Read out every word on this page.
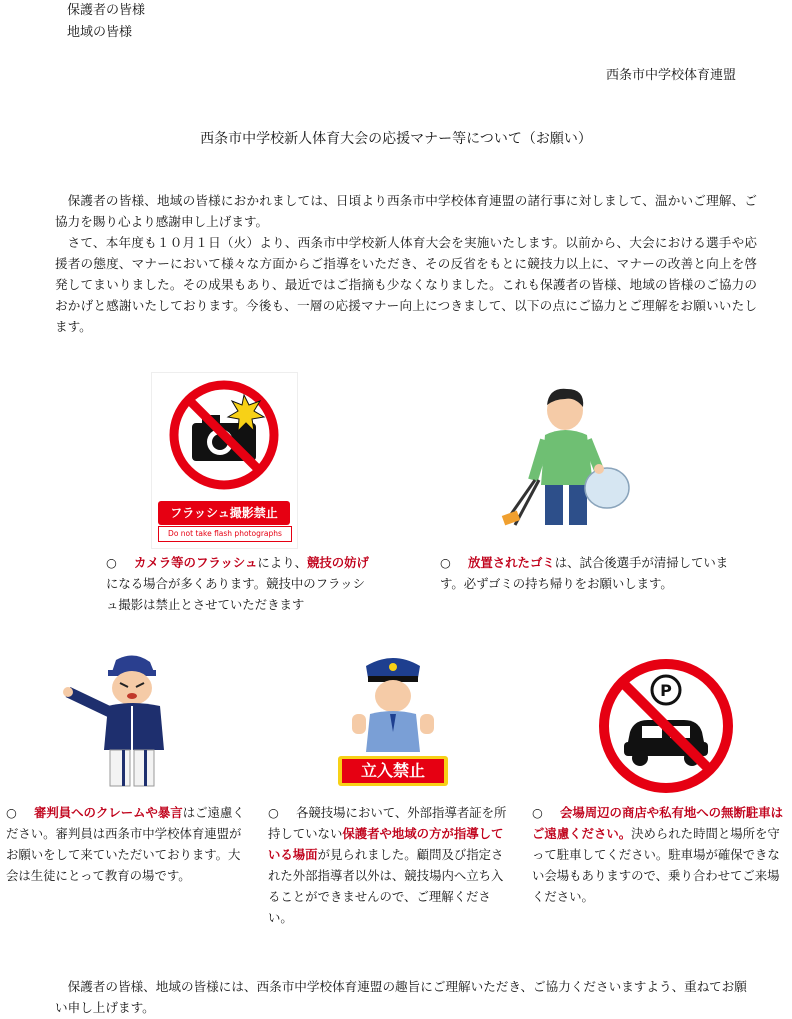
保護者の皆様
地域の皆様
西条市中学校体育連盟
西条市中学校新人体育大会の応援マナー等について（お願い）

保護者の皆様、地域の皆様におかれましては、日頃より西条市中学校体育連盟の諸行事に対しまして、温かいご理解、ご協力を賜り心より感謝申し上げます。

さて、本年度も１０月１日（火）より、西条市中学校新人体育大会を実施いたします。以前から、大会における選手や応援者の態度、マナーにおいて様々な方面からご指導をいただき、その反省をもとに競技力以上に、マナーの改善と向上を啓発してまいりました。その成果もあり、最近ではご指摘も少なくなりました。これも保護者の皆様、地域の皆様のご協力のおかげと感謝いたしております。今後も、一層の応援マナー向上につきまして、以下の点にご協力とご理解をお願いいたします。

フラッシュ撮影禁止
Do not take flash photographs
○ カメラ等のフラッシュにより、競技の妨げになる場合が多くあります。競技中のフラッシュ撮影は禁止とさせていただきます
○ 放置されたゴミは、試合後選手が清掃しています。必ずゴミの持ち帰りをお願いします。
立入禁止
P
○ 審判員へのクレームや暴言はご遠慮ください。審判員は西条市中学校体育連盟がお願いをして来ていただいております。大会は生徒にとって教育の場です。
○ 各競技場において、外部指導者証を所持していない保護者や地域の方が指導している場面が見られました。顧問及び指定された外部指導者以外は、競技場内へ立ち入ることができませんので、ご理解ください。
○ 会場周辺の商店や私有地への無断駐車はご遠慮ください。決められた時間と場所を守って駐車してください。駐車場が確保できない会場もありますので、乗り合わせてご来場ください。

保護者の皆様、地域の皆様には、西条市中学校体育連盟の趣旨にご理解いただき、ご協力くださいますよう、重ねてお願い申し上げます。
